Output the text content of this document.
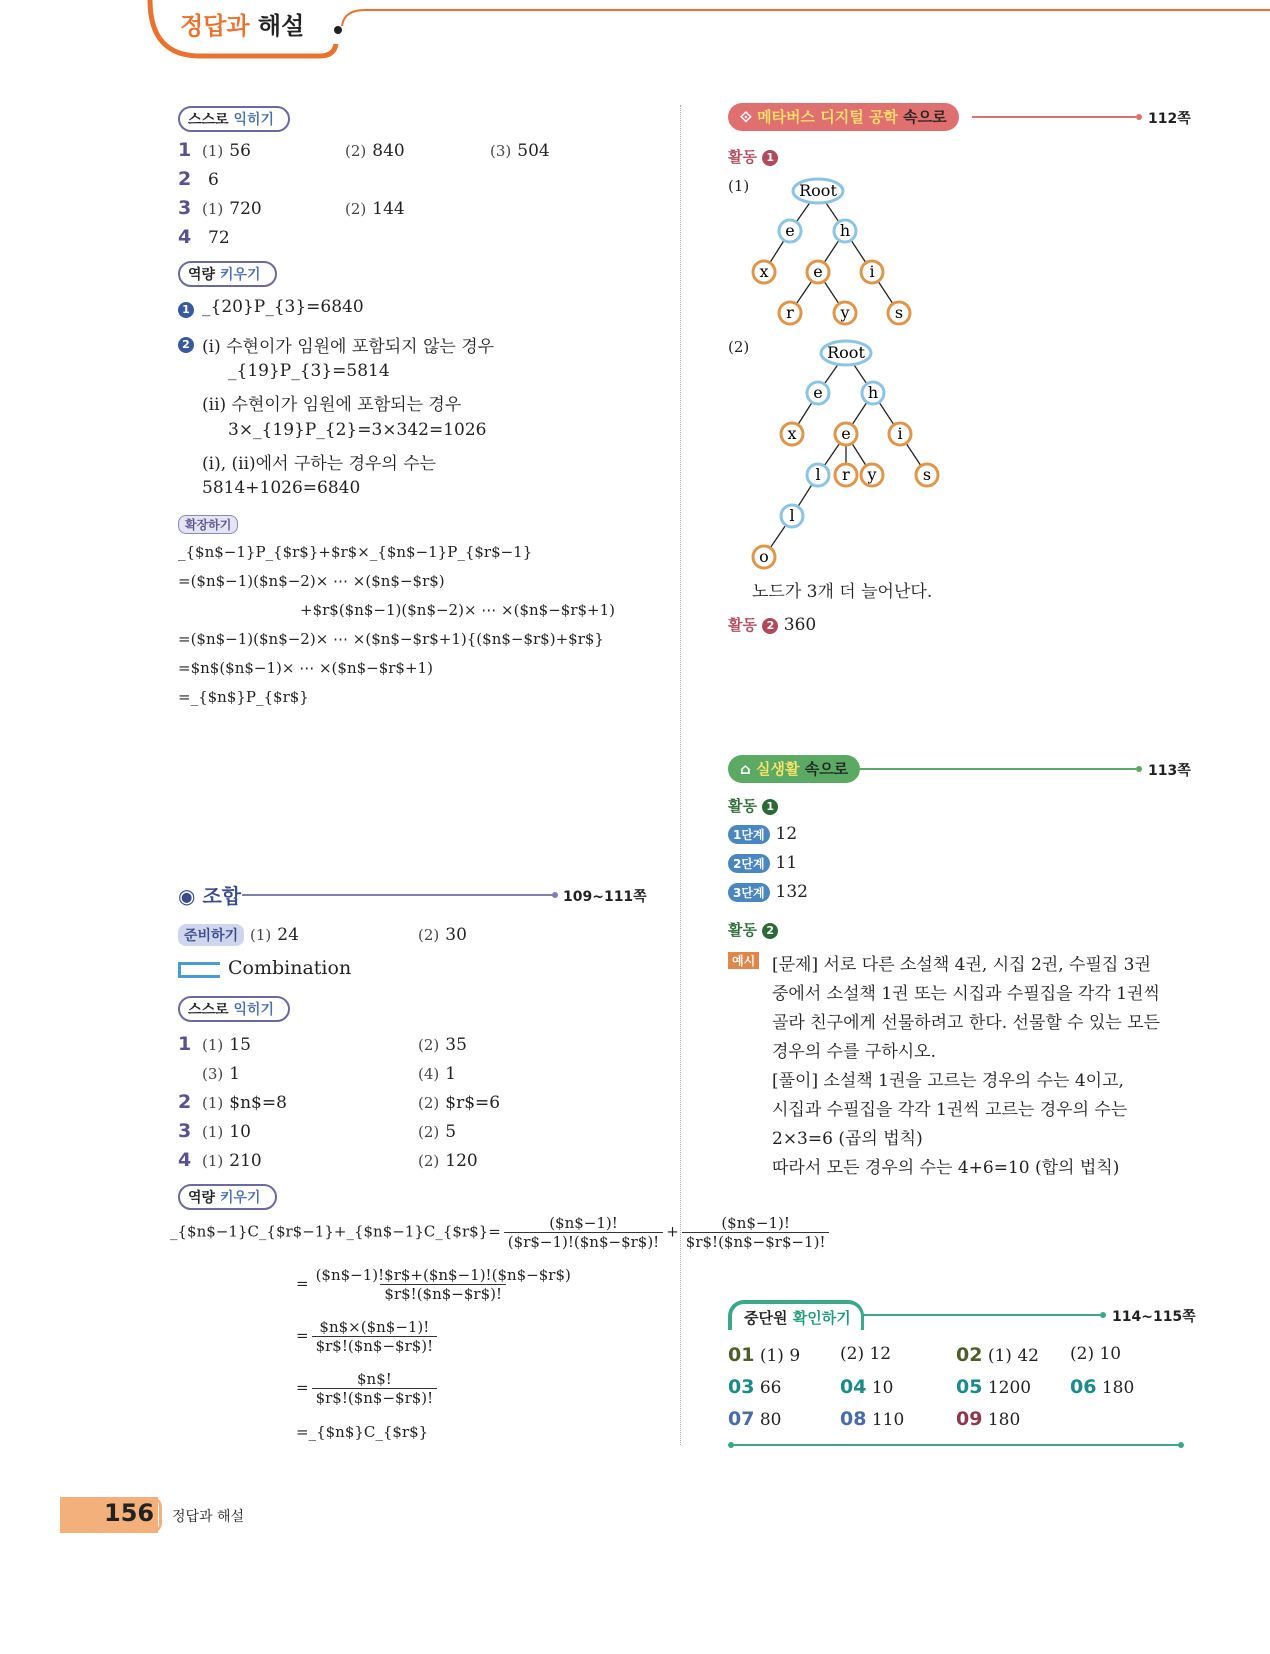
정답과 해설
스스로 익히기
1 (1) 56	(2) 840	(3) 504
2 6
3 (1) 720	(2) 144
4 72
역량 키우기
1 _{20}P_{3}=6840
2 (i) 수현이가 임원에 포함되지 않는 경우
_{19}P_{3}=5814
(ii) 수현이가 임원에 포함되는 경우
3×_{19}P_{2}=3×342=1026
(i), (ii)에서 구하는 경우의 수는
5814+1026=6840
확장하기
_{$n$−1}P_{$r$}+$r$×_{$n$−1}P_{$r$−1}
=($n$−1)($n$−2)× ⋯ ×($n$−$r$)
+$r$($n$−1)($n$−2)× ⋯ ×($n$−$r$+1)
=($n$−1)($n$−2)× ⋯ ×($n$−$r$+1){($n$−$r$)+$r$}
=$n$($n$−1)× ⋯ ×($n$−$r$+1)
=_{$n$}P_{$r$}
◉ 조합	109~111쪽
준비하기 (1) 24	(2) 30
Combination
스스로 익히기
1 (1) 15	(2) 35
(3) 1	(4) 1
2 (1) $n$=8	(2) $r$=6
3 (1) 10	(2) 5
4 (1) 210	(2) 120
역량 키우기
_{$n$−1}C_{$r$−1}+_{$n$−1}C_{$r$}= $\frac{(\$n\$-1)!}{(\$r\$-1)!(\$n\$-\$r\$)!} + \frac{(\$n\$-1)!}{\$r\$!(\$n\$-\$r\$-1)!}$
= $\frac{(\$n\$-1)!\$r\$+(\$n\$-1)!(\$n\$-\$r\$)}{\$r\$!(\$n\$-\$r\$)!}$
= $\frac{\$n\$\times(\$n\$-1)!}{\$r\$!(\$n\$-\$r\$)!}$
= $\frac{\$n\$!}{\$r\$!(\$n\$-\$r\$)!}$
=_{$n$}C_{$r$}
⟐ 메타버스 디지털 공학 속으로	112쪽
활동 1
(1)
(2)
Root
e	h
x	e	i
r	y	s
Root
e	h
x	e	i
l r y	s
l
o
노드가 3개 더 늘어난다.
활동 2 360
⌂ 실생활 속으로	113쪽
활동 1
1단계 12
2단계 11
3단계 132
활동 2
예시 [문제] 서로 다른 소설책 4권, 시집 2권, 수필집 3권
중에서 소설책 1권 또는 시집과 수필집을 각각 1권씩
골라 친구에게 선물하려고 한다. 선물할 수 있는 모든
경우의 수를 구하시오.
[풀이] 소설책 1권을 고르는 경우의 수는 4이고,
시집과 수필집을 각각 1권씩 고르는 경우의 수는
2×3=6 (곱의 법칙)
따라서 모든 경우의 수는 4+6=10 (합의 법칙)
중단원 확인하기	114~115쪽
01 (1) 9 (2) 12	02 (1) 42 (2) 10
03 66	04 10	05 1200 06 180
07 80	08 110	09 180
156 정답과 해설
